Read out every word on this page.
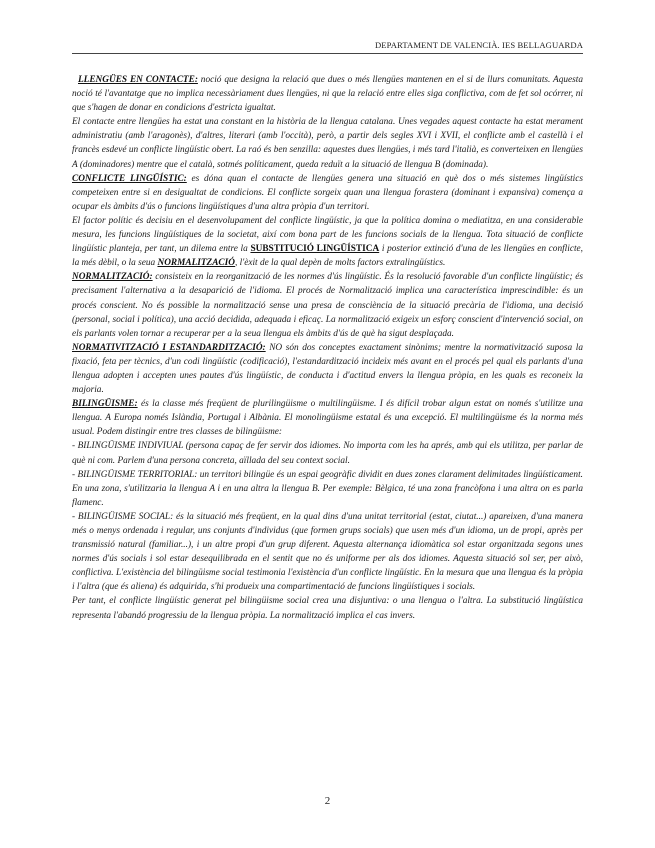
DEPARTAMENT DE VALENCIÀ. IES BELLAGUARDA

LLENGÜES EN CONTACTE: noció que designa la relació que dues o més llengües mantenen en el si de llurs comunitats. Aquesta noció té l'avantatge que no implica necessàriament dues llengües, ni que la relació entre elles siga conflictiva, com de fet sol ocórrer, ni que s'hagen de donar en condicions d'estricta igualtat.

El contacte entre llengües ha estat una constant en la història de la llengua catalana. Unes vegades aquest contacte ha estat merament administratiu (amb l'aragonès), d'altres, literari (amb l'occità), però, a partir dels segles XVI i XVII, el conflicte amb el castellà i el francès esdevé un conflicte lingüístic obert. La raó és ben senzilla: aquestes dues llengües, i més tard l'italià, es converteixen en llengües A (dominadores) mentre que el català, sotmés políticament, queda reduït a la situació de llengua B (dominada).

CONFLICTE LINGÜÍSTIC: es dóna quan el contacte de llengües genera una situació en què dos o més sistemes lingüístics competeixen entre si en desigualtat de condicions. El conflicte sorgeix quan una llengua forastera (dominant i expansiva) comença a ocupar els àmbits d'ús o funcions lingüístiques d'una altra pròpia d'un territori.

El factor polític és decisiu en el desenvolupament del conflicte lingüístic, ja que la política domina o mediatitza, en una considerable mesura, les funcions lingüístiques de la societat, així com bona part de les funcions socials de la llengua. Tota situació de conflicte lingüístic planteja, per tant, un dilema entre la SUBSTITUCIÓ LINGÜÍSTICA i posterior extinció d'una de les llengües en conflicte, la més dèbil, o la seua NORMALITZACIÓ, l'èxit de la qual depèn de molts factors extralingüístics.

NORMALITZACIÓ: consisteix en la reorganització de les normes d'ús lingüístic. És la resolució favorable d'un conflicte lingüístic; és precisament l'alternativa a la desaparició de l'idioma. El procés de Normalització implica una característica imprescindible: és un procés conscient. No és possible la normalització sense una presa de consciència de la situació precària de l'idioma, una decisió (personal, social i política), una acció decidida, adequada i eficaç. La normalització exigeix un esforç conscient d'intervenció social, on els parlants volen tornar a recuperar per a la seua llengua els àmbits d'ús de què ha sigut desplaçada.

NORMATIVITZACIÓ I ESTANDARDITZACIÓ: NO són dos conceptes exactament sinònims; mentre la normativització suposa la fixació, feta per tècnics, d'un codi lingüístic (codificació), l'estandardització incideix més avant en el procés pel qual els parlants d'una llengua adopten i accepten unes pautes d'ús lingüístic, de conducta i d'actitud envers la llengua pròpia, en les quals es reconeix la majoria.

BILINGÜISME: és la classe més freqüent de plurilingüisme o multilingüisme. I és difícil trobar algun estat on només s'utilitze una llengua. A Europa només Islàndia, Portugal i Albània. El monolingüisme estatal és una excepció. El multilingüisme és la norma més usual. Podem distingir entre tres classes de bilingüisme:

- BILINGÜISME INDIVIUAL (persona capaç de fer servir dos idiomes. No importa com les ha aprés, amb qui els utilitza, per parlar de què ni com. Parlem d'una persona concreta, aïllada del seu context social.

- BILINGÜISME TERRITORIAL: un territori bilingüe és un espai geogràfic dividit en dues zones clarament delimitades lingüísticament. En una zona, s'utilitzaria la llengua A i en una altra la llengua B. Per exemple: Bèlgica, té una zona francòfona i una altra on es parla flamenc.

- BILINGÜISME SOCIAL: és la situació més freqüent, en la qual dins d'una unitat territorial (estat, ciutat...) apareixen, d'una manera més o menys ordenada i regular, uns conjunts d'individus (que formen grups socials) que usen més d'un idioma, un de propi, après per transmissió natural (familiar...), i un altre propi d'un grup diferent. Aquesta alternança idiomàtica sol estar organitzada segons unes normes d'ús socials i sol estar desequilibrada en el sentit que no és uniforme per als dos idiomes. Aquesta situació sol ser, per això, conflictiva. L'existència del bilingüisme social testimonia l'existència d'un conflicte lingüístic. En la mesura que una llengua és la pròpia i l'altra (que és aliena) és adquirida, s'hi produeix una compartimentació de funcions lingüístiques i socials.

Per tant, el conflicte lingüístic generat pel bilingüisme social crea una disjuntiva: o una llengua o l'altra. La substitució lingüística representa l'abandó progressiu de la llengua pròpia. La normalització implica el cas invers.

2
